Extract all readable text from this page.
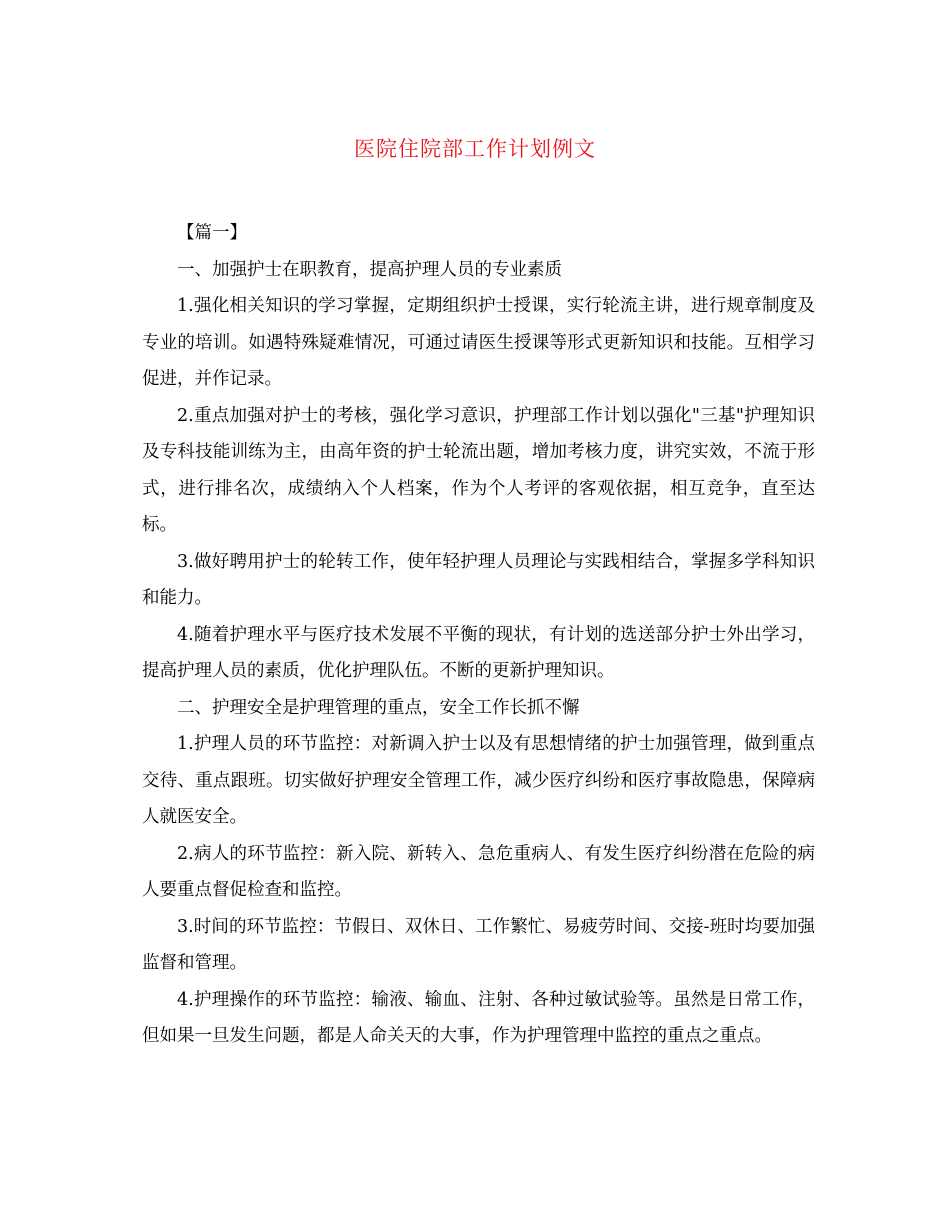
医院住院部工作计划例文

【篇一】

一、加强护士在职教育，提高护理人员的专业素质

1.强化相关知识的学习掌握，定期组织护士授课，实行轮流主讲，进行规章制度及专业的培训。如遇特殊疑难情况，可通过请医生授课等形式更新知识和技能。互相学习促进，并作记录。

2.重点加强对护士的考核，强化学习意识，护理部工作计划以强化"三基"护理知识及专科技能训练为主，由高年资的护士轮流出题，增加考核力度，讲究实效，不流于形式，进行排名次，成绩纳入个人档案，作为个人考评的客观依据，相互竞争，直至达标。

3.做好聘用护士的轮转工作，使年轻护理人员理论与实践相结合，掌握多学科知识和能力。

4.随着护理水平与医疗技术发展不平衡的现状，有计划的选送部分护士外出学习，提高护理人员的素质，优化护理队伍。不断的更新护理知识。

二、护理安全是护理管理的重点，安全工作长抓不懈

1.护理人员的环节监控：对新调入护士以及有思想情绪的护士加强管理，做到重点交待、重点跟班。切实做好护理安全管理工作，减少医疗纠纷和医疗事故隐患，保障病人就医安全。

2.病人的环节监控：新入院、新转入、急危重病人、有发生医疗纠纷潜在危险的病人要重点督促检查和监控。

3.时间的环节监控：节假日、双休日、工作繁忙、易疲劳时间、交接-班时均要加强监督和管理。

4.护理操作的环节监控：输液、输血、注射、各种过敏试验等。虽然是日常工作，但如果一旦发生问题，都是人命关天的大事，作为护理管理中监控的重点之重点。
